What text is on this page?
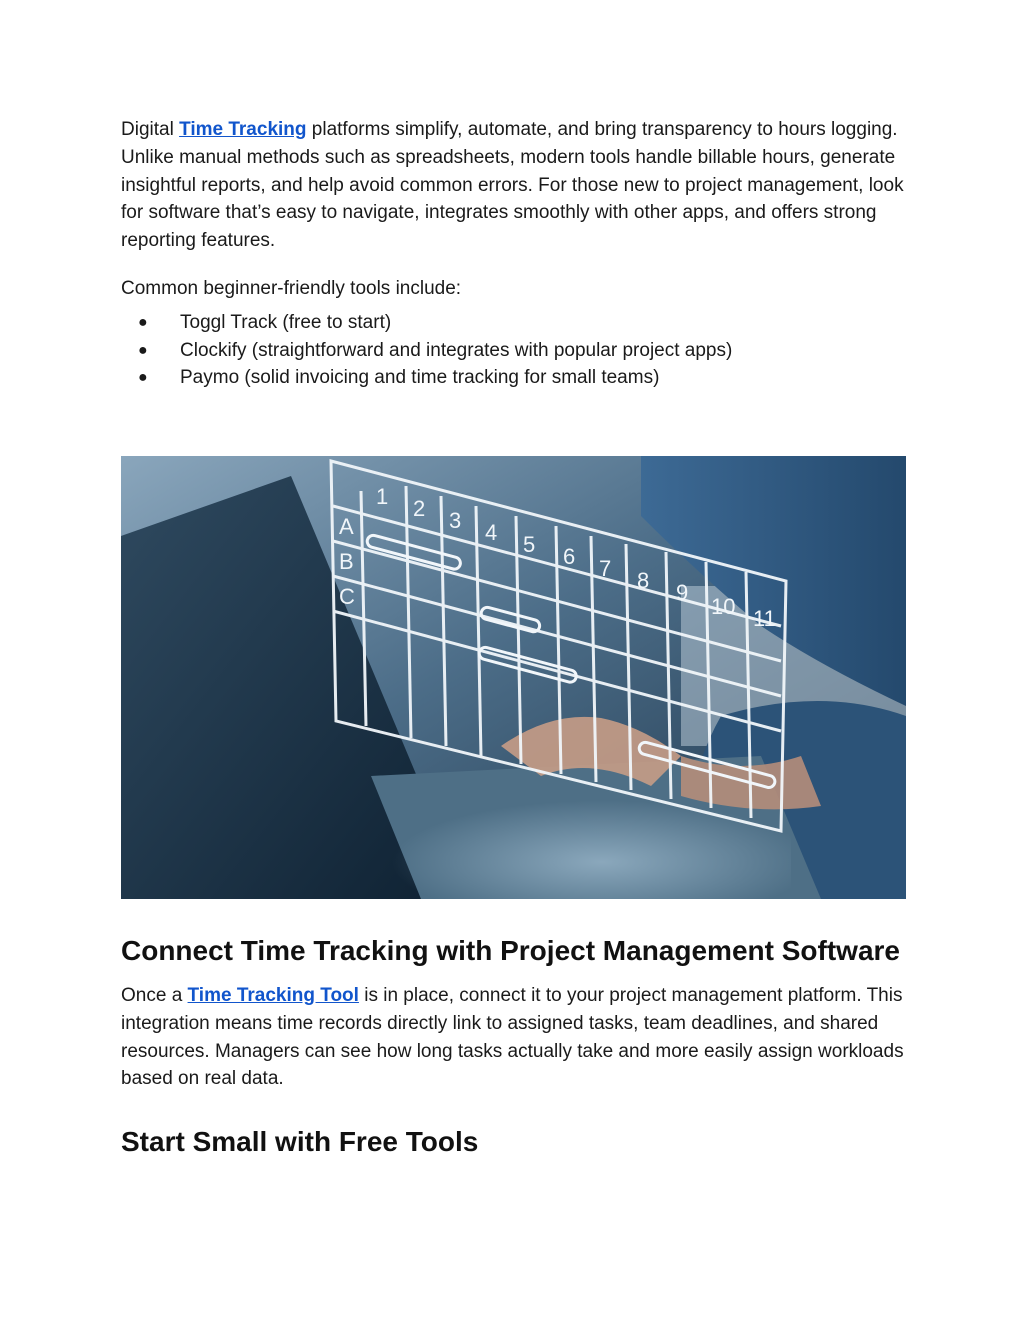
Digital Time Tracking platforms simplify, automate, and bring transparency to hours logging. Unlike manual methods such as spreadsheets, modern tools handle billable hours, generate insightful reports, and help avoid common errors. For those new to project management, look for software that’s easy to navigate, integrates smoothly with other apps, and offers strong reporting features.

Common beginner-friendly tools include:

● Toggl Track (free to start)
● Clockify (straightforward and integrates with popular project apps)
● Paymo (solid invoicing and time tracking for small teams)
1 2 3 4 5 6 7 8 9
10 11
A
B
C
Connect Time Tracking with Project Management Software

Once a Time Tracking Tool is in place, connect it to your project management platform. This integration means time records directly link to assigned tasks, team deadlines, and shared resources. Managers can see how long tasks actually take and more easily assign workloads based on real data.

Start Small with Free Tools
